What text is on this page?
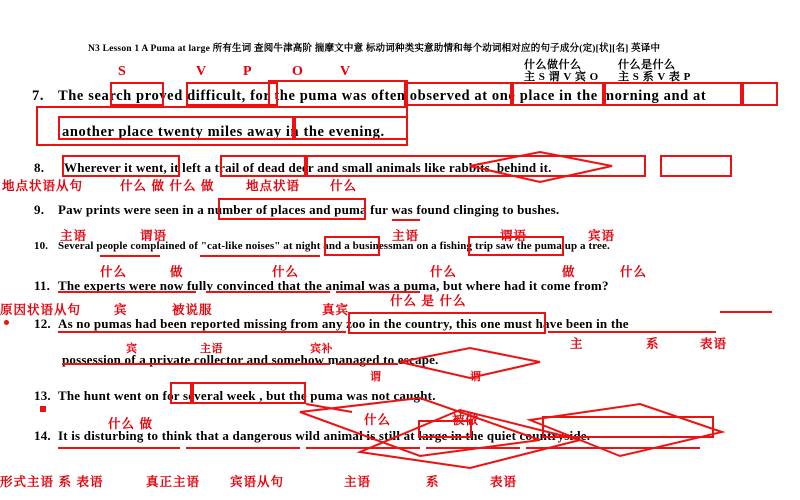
N3 Lesson 1 A Puma at large 所有生词 查阅牛津高阶 揣摩文中意 标动词种类实意助情和每个动词相对应的句子成分(定)[状][名] 英译中
什么做什么
主 S 谓 V 宾 O
什么是什么
主 S 系 V 表 P
7. The search proved difficult, for the puma was often observed at one place in the morning and at
another place twenty miles away in the evening.
S	V	P	O	V
8. Wherever it went, it left a trail of dead deer and small animals like rabbits. behind it.
9. Paw prints were seen in a number of places and puma fur was found clinging to bushes.
10. Several people complained of "cat-like noises" at night and a businessman on a fishing trip saw the puma up a tree.
11. The experts were now fully convinced that the animal was a puma, but where had it come from?
12. As no pumas had been reported missing from any zoo in the country, this one must have been in the
possession of a private collector and somehow managed to escape.
13. The hunt went on for several week , but the puma was not caught.
14. It is disturbing to think that a dangerous wild animal is still at large in the quiet countryside.
地点状语从句	什么 做 什么 做	地点状语 什么
主语	谓语	主语	谓语	宾语
什么	做	什么	什么	做	什么
原因状语从句	宾	被说服	真宾
什么 是 什么
宾	主语	宾补	主	系	表语
谓	谓
什么 做	什么	被做
形式主语 系 表语	真正主语 宾语从句	主语	系	表语
